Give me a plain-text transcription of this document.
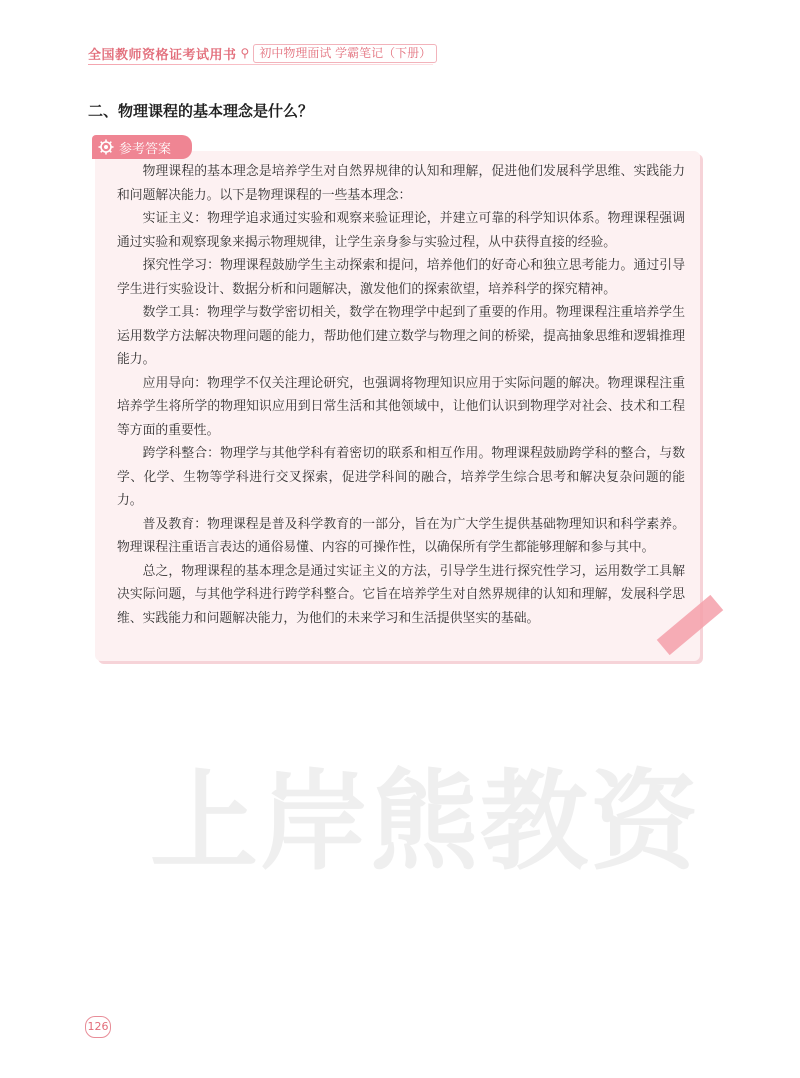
全国教师资格证考试用书 ⚲ 初中物理面试 学霸笔记（下册）
二、物理课程的基本理念是什么？
参考答案

物理课程的基本理念是培养学生对自然界规律的认知和理解，促进他们发展科学思维、实践能力和问题解决能力。以下是物理课程的一些基本理念：

实证主义：物理学追求通过实验和观察来验证理论，并建立可靠的科学知识体系。物理课程强调通过实验和观察现象来揭示物理规律，让学生亲身参与实验过程，从中获得直接的经验。

探究性学习：物理课程鼓励学生主动探索和提问，培养他们的好奇心和独立思考能力。通过引导学生进行实验设计、数据分析和问题解决，激发他们的探索欲望，培养科学的探究精神。

数学工具：物理学与数学密切相关，数学在物理学中起到了重要的作用。物理课程注重培养学生运用数学方法解决物理问题的能力，帮助他们建立数学与物理之间的桥梁，提高抽象思维和逻辑推理能力。

应用导向：物理学不仅关注理论研究，也强调将物理知识应用于实际问题的解决。物理课程注重培养学生将所学的物理知识应用到日常生活和其他领域中，让他们认识到物理学对社会、技术和工程等方面的重要性。

跨学科整合：物理学与其他学科有着密切的联系和相互作用。物理课程鼓励跨学科的整合，与数学、化学、生物等学科进行交叉探索，促进学科间的融合，培养学生综合思考和解决复杂问题的能力。

普及教育：物理课程是普及科学教育的一部分，旨在为广大学生提供基础物理知识和科学素养。物理课程注重语言表达的通俗易懂、内容的可操作性，以确保所有学生都能够理解和参与其中。

总之，物理课程的基本理念是通过实证主义的方法，引导学生进行探究性学习，运用数学工具解决实际问题，与其他学科进行跨学科整合。它旨在培养学生对自然界规律的认知和理解，发展科学思维、实践能力和问题解决能力，为他们的未来学习和生活提供坚实的基础。

上岸熊教资
126
